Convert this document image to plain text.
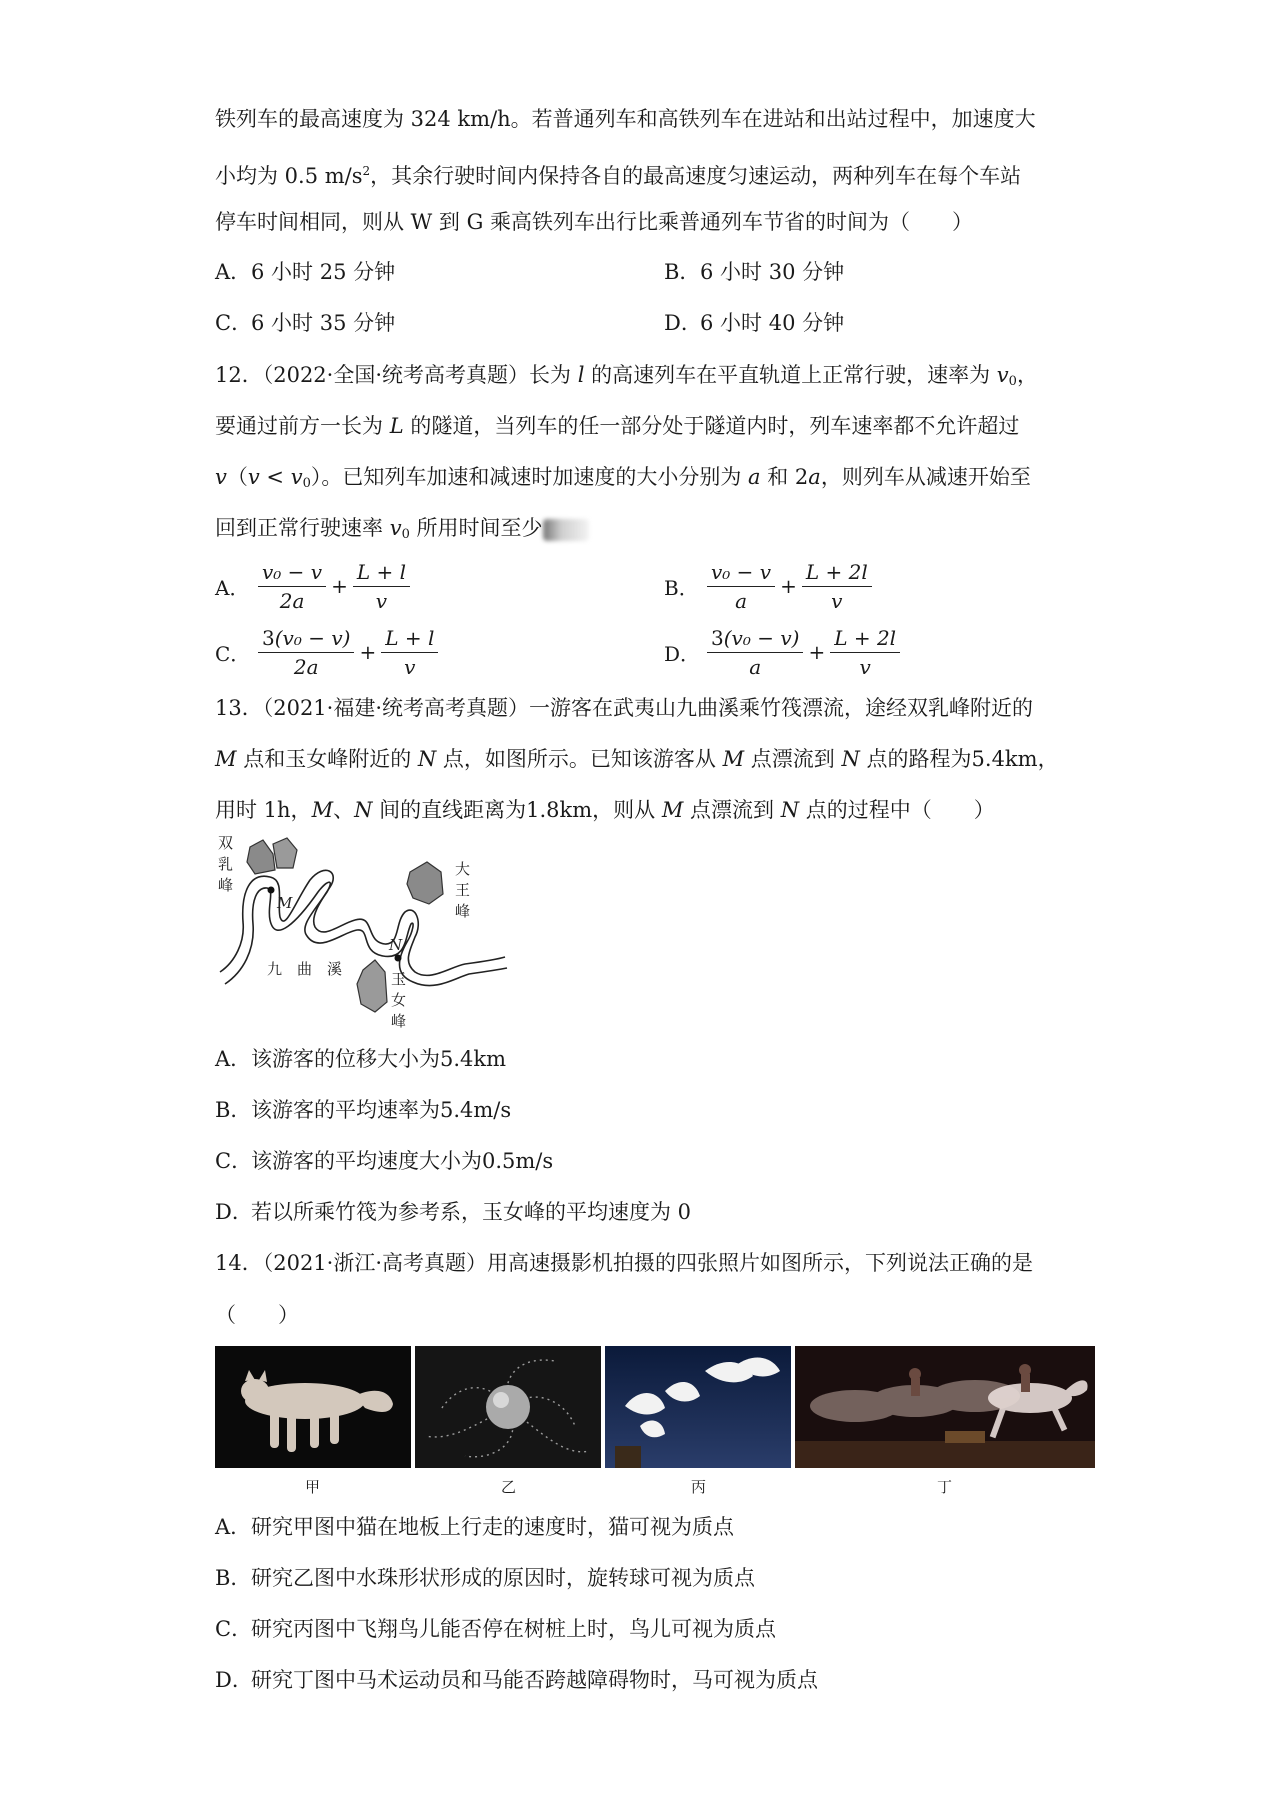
铁列车的最高速度为 324 km/h。若普通列车和高铁列车在进站和出站过程中，加速度大
小均为 0.5 $m/s^2$，其余行驶时间内保持各自的最高速度匀速运动，两种列车在每个车站
停车时间相同，则从 W 到 G 乘高铁列车出行比乘普通列车节省的时间为（　　）
A．6 小时 25 分钟	B．6 小时 30 分钟
C．6 小时 35 分钟	D．6 小时 40 分钟
12．（2022·全国·统考高考真题）长为 l 的高速列车在平直轨道上正常行驶，速率为 $v_0$，
要通过前方一长为 L 的隧道，当列车的任一部分处于隧道内时，列车速率都不允许超过
$v(v < v_0)$。已知列车加速和减速时加速度的大小分别为 a 和 2a，则列车从减速开始至
回到正常行驶速率 $v_0$ 所用时间至少
A． $\frac{\text{v₀ − v}}{2a} + \frac{L + l}{v}$	B． $\frac{\text{v₀ − v}}{a} + \frac{L + 2l}{v}$
C． $\frac{\text{3(v₀ − v)}}{2a} + \frac{L + l}{v}$	D． $\frac{\text{3(v₀ − v)}}{a} + \frac{L + 2l}{v}$
13．（2021·福建·统考高考真题）一游客在武夷山九曲溪乘竹筏漂流，途经双乳峰附近的
M 点和玉女峰附近的 N 点，如图所示。已知该游客从 M 点漂流到 N 点的路程为5.4km，
用时 1h，M、N 间的直线距离为1.8km，则从 M 点漂流到 N 点的过程中（　　）
双
乳
峰
大
王
峰
玉
女
峰
九　曲　溪
M
N
A．该游客的位移大小为5.4km
B．该游客的平均速率为5.4m/s
C．该游客的平均速度大小为0.5m/s
D．若以所乘竹筏为参考系，玉女峰的平均速度为 0
14．（2021·浙江·高考真题）用高速摄影机拍摄的四张照片如图所示，下列说法正确的是
（　　）
甲	乙	丙	丁
A．研究甲图中猫在地板上行走的速度时，猫可视为质点
B．研究乙图中水珠形状形成的原因时，旋转球可视为质点
C．研究丙图中飞翔鸟儿能否停在树桩上时，鸟儿可视为质点
D．研究丁图中马术运动员和马能否跨越障碍物时，马可视为质点
